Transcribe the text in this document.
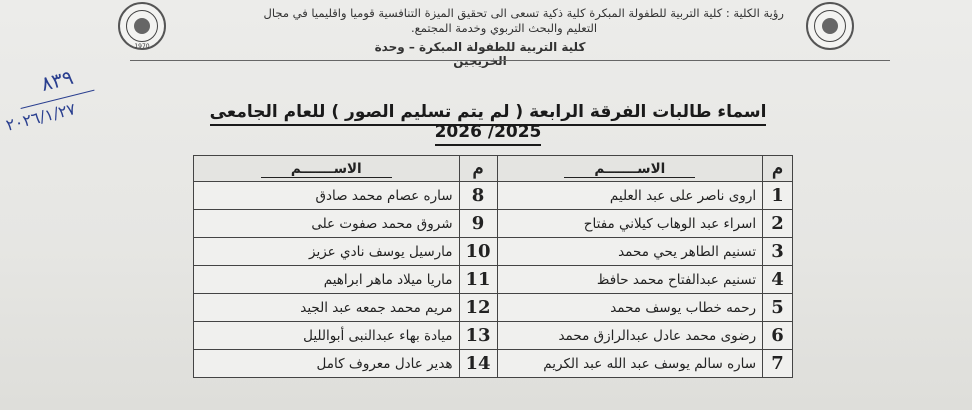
1970
رؤية الكلية : كلية التربية للطفولة المبكرة كلية ذكية تسعى الى تحقيق الميزة التنافسية قوميا واقليميا في مجال

التعليم والبحث التربوي وخدمة المجتمع.
كلية التربية للطفولة المبكرة – وحدة الخريجين
٨٣٩
٢٠٢٦/١/٢٧	اسماء طالبات الفرقة الرابعة ( لم يتم تسليم الصور ) للعام الجامعى 2025/ 2026
م	الاســـــــم	م	الاســـــــم
1	اروى ناصر على عبد العليم	8	ساره عصام محمد صادق
2	اسراء عبد الوهاب كيلاني مفتاح	9	شروق محمد صفوت على
3	تسنيم الطاهر يحي محمد	10	مارسيل يوسف نادي عزيز
4	تسنيم عبدالفتاح محمد حافظ	11	ماريا ميلاد ماهر ابراهيم
5	رحمه خطاب يوسف محمد	12	مريم محمد جمعه عبد الجيد
6	رضوى محمد عادل عبدالرازق محمد	13	ميادة بهاء عبدالنبى أبوالليل
7	ساره سالم يوسف عبد الله عبد الكريم	14	هدير عادل معروف كامل
